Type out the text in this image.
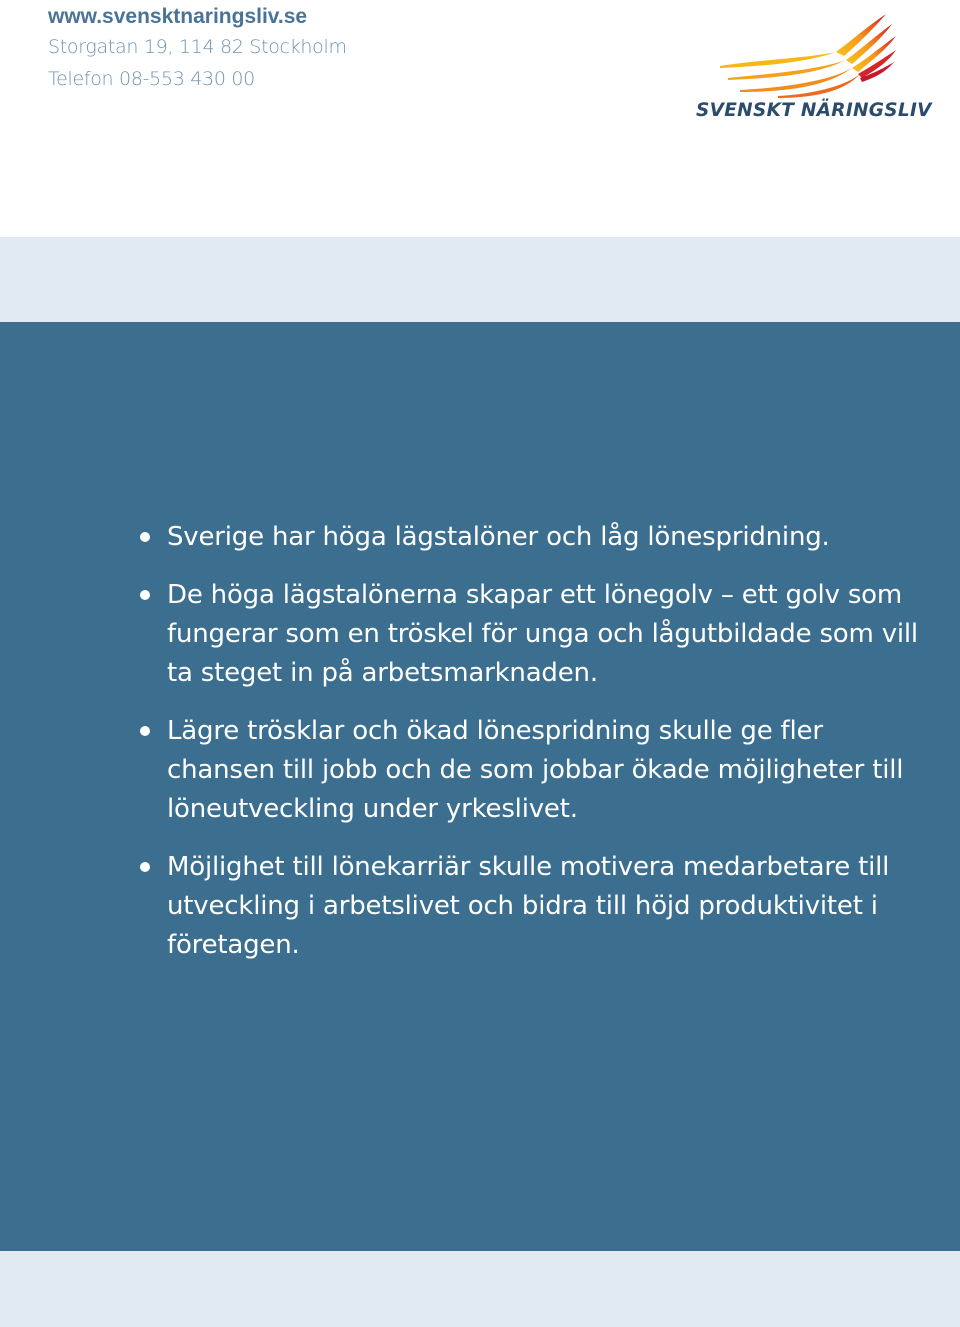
www.svensktnaringsliv.se
Storgatan 19, 114 82 Stockholm
Telefon 08-553 430 00
SVENSKT NÄRINGSLIV
Sverige har höga lägstalöner och låg lönespridning.
De höga lägstalönerna skapar ett lönegolv – ett golv som fungerar som en tröskel för unga och lågutbildade som vill ta steget in på arbetsmarknaden.
Lägre trösklar och ökad lönespridning skulle ge fler chansen till jobb och de som jobbar ökade möjligheter till löneutveckling under yrkeslivet.
Möjlighet till lönekarriär skulle motivera medarbetare till utveckling i arbetslivet och bidra till höjd produktivitet i företagen.
